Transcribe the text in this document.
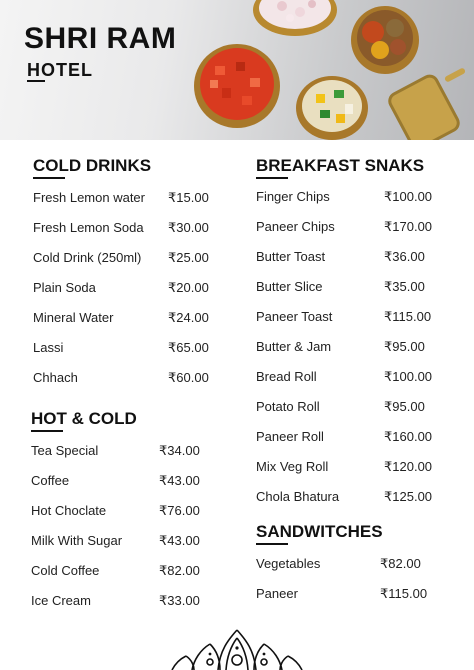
SHRI RAM
HOTEL
COLD DRINKS
Fresh Lemon water ₹15.00
Fresh Lemon Soda ₹30.00
Cold Drink (250ml) ₹25.00
Plain Soda	₹20.00
Mineral Water	₹24.00
Lassi	₹65.00
Chhach	₹60.00
HOT & COLD
Tea Special	₹34.00
Coffee	₹43.00
Hot Choclate	₹76.00
Milk With Sugar	₹43.00
Cold Coffee	₹82.00
Ice Cream	₹33.00
BREAKFAST SNAKS
Finger Chips	₹100.00
Paneer Chips	₹170.00
Butter Toast	₹36.00
Butter Slice	₹35.00
Paneer Toast	₹115.00
Butter & Jam	₹95.00
Bread Roll	₹100.00
Potato Roll	₹95.00
Paneer Roll	₹160.00
Mix Veg Roll	₹120.00
Chola Bhatura	₹125.00
SANDWITCHES
Vegetables	₹82.00
Paneer	₹115.00
